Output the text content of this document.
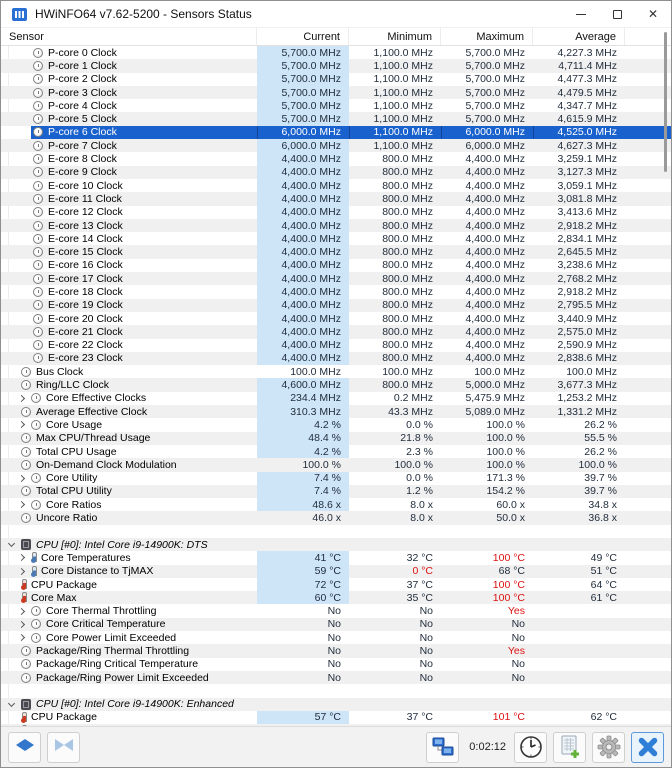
HWiNFO64 v7.62-5200 - Sensors Status	✕
Sensor	Current	Minimum	Maximum	Average
P-core 0 Clock	5,700.0 MHz	1,100.0 MHz	5,700.0 MHz	4,227.3 MHz
P-core 1 Clock	5,700.0 MHz	1,100.0 MHz	5,700.0 MHz	4,711.4 MHz
P-core 2 Clock	5,700.0 MHz	1,100.0 MHz	5,700.0 MHz	4,477.3 MHz
P-core 3 Clock	5,700.0 MHz	1,100.0 MHz	5,700.0 MHz	4,479.5 MHz
P-core 4 Clock	5,700.0 MHz	1,100.0 MHz	5,700.0 MHz	4,347.7 MHz
P-core 5 Clock	5,700.0 MHz	1,100.0 MHz	5,700.0 MHz	4,615.9 MHz
P-core 6 Clock	6,000.0 MHz	1,100.0 MHz	6,000.0 MHz	4,525.0 MHz
P-core 7 Clock	6,000.0 MHz	1,100.0 MHz	6,000.0 MHz	4,627.3 MHz
E-core 8 Clock	4,400.0 MHz	800.0 MHz	4,400.0 MHz	3,259.1 MHz
E-core 9 Clock	4,400.0 MHz	800.0 MHz	4,400.0 MHz	3,127.3 MHz
E-core 10 Clock	4,400.0 MHz	800.0 MHz	4,400.0 MHz	3,059.1 MHz
E-core 11 Clock	4,400.0 MHz	800.0 MHz	4,400.0 MHz	3,081.8 MHz
E-core 12 Clock	4,400.0 MHz	800.0 MHz	4,400.0 MHz	3,413.6 MHz
E-core 13 Clock	4,400.0 MHz	800.0 MHz	4,400.0 MHz	2,918.2 MHz
E-core 14 Clock	4,400.0 MHz	800.0 MHz	4,400.0 MHz	2,834.1 MHz
E-core 15 Clock	4,400.0 MHz	800.0 MHz	4,400.0 MHz	2,645.5 MHz
E-core 16 Clock	4,400.0 MHz	800.0 MHz	4,400.0 MHz	3,238.6 MHz
E-core 17 Clock	4,400.0 MHz	800.0 MHz	4,400.0 MHz	2,768.2 MHz
E-core 18 Clock	4,400.0 MHz	800.0 MHz	4,400.0 MHz	2,918.2 MHz
E-core 19 Clock	4,400.0 MHz	800.0 MHz	4,400.0 MHz	2,795.5 MHz
E-core 20 Clock	4,400.0 MHz	800.0 MHz	4,400.0 MHz	3,440.9 MHz
E-core 21 Clock	4,400.0 MHz	800.0 MHz	4,400.0 MHz	2,575.0 MHz
E-core 22 Clock	4,400.0 MHz	800.0 MHz	4,400.0 MHz	2,590.9 MHz
E-core 23 Clock	4,400.0 MHz	800.0 MHz	4,400.0 MHz	2,838.6 MHz
Bus Clock	100.0 MHz	100.0 MHz	100.0 MHz	100.0 MHz
Ring/LLC Clock	4,600.0 MHz	800.0 MHz	5,000.0 MHz	3,677.3 MHz
Core Effective Clocks	234.4 MHz	0.2 MHz	5,475.9 MHz	1,253.2 MHz
Average Effective Clock	310.3 MHz	43.3 MHz	5,089.0 MHz	1,331.2 MHz
Core Usage	4.2 %	0.0 %	100.0 %	26.2 %
Max CPU/Thread Usage	48.4 %	21.8 %	100.0 %	55.5 %
Total CPU Usage	4.2 %	2.3 %	100.0 %	26.2 %
On-Demand Clock Modulation	100.0 %	100.0 %	100.0 %	100.0 %
Core Utility	7.4 %	0.0 %	171.3 %	39.7 %
Total CPU Utility	7.4 %	1.2 %	154.2 %	39.7 %
Core Ratios	48.6 x	8.0 x	60.0 x	34.8 x
Uncore Ratio	46.0 x	8.0 x	50.0 x	36.8 x
CPU [#0]: Intel Core i9-14900K: DTS
Core Temperatures	41 °C	32 °C	100 °C	49 °C
Core Distance to TjMAX	59 °C	0 °C	68 °C	51 °C
CPU Package	72 °C	37 °C	100 °C	64 °C
Core Max	60 °C	35 °C	100 °C	61 °C
Core Thermal Throttling	No	No	Yes
Core Critical Temperature	No	No	No
Core Power Limit Exceeded	No	No	No
Package/Ring Thermal Throttling	No	No	Yes
Package/Ring Critical Temperature	No	No	No
Package/Ring Power Limit Exceeded	No	No	No
CPU [#0]: Intel Core i9-14900K: Enhanced
CPU Package	57 °C	37 °C	101 °C	62 °C
0:02:12
